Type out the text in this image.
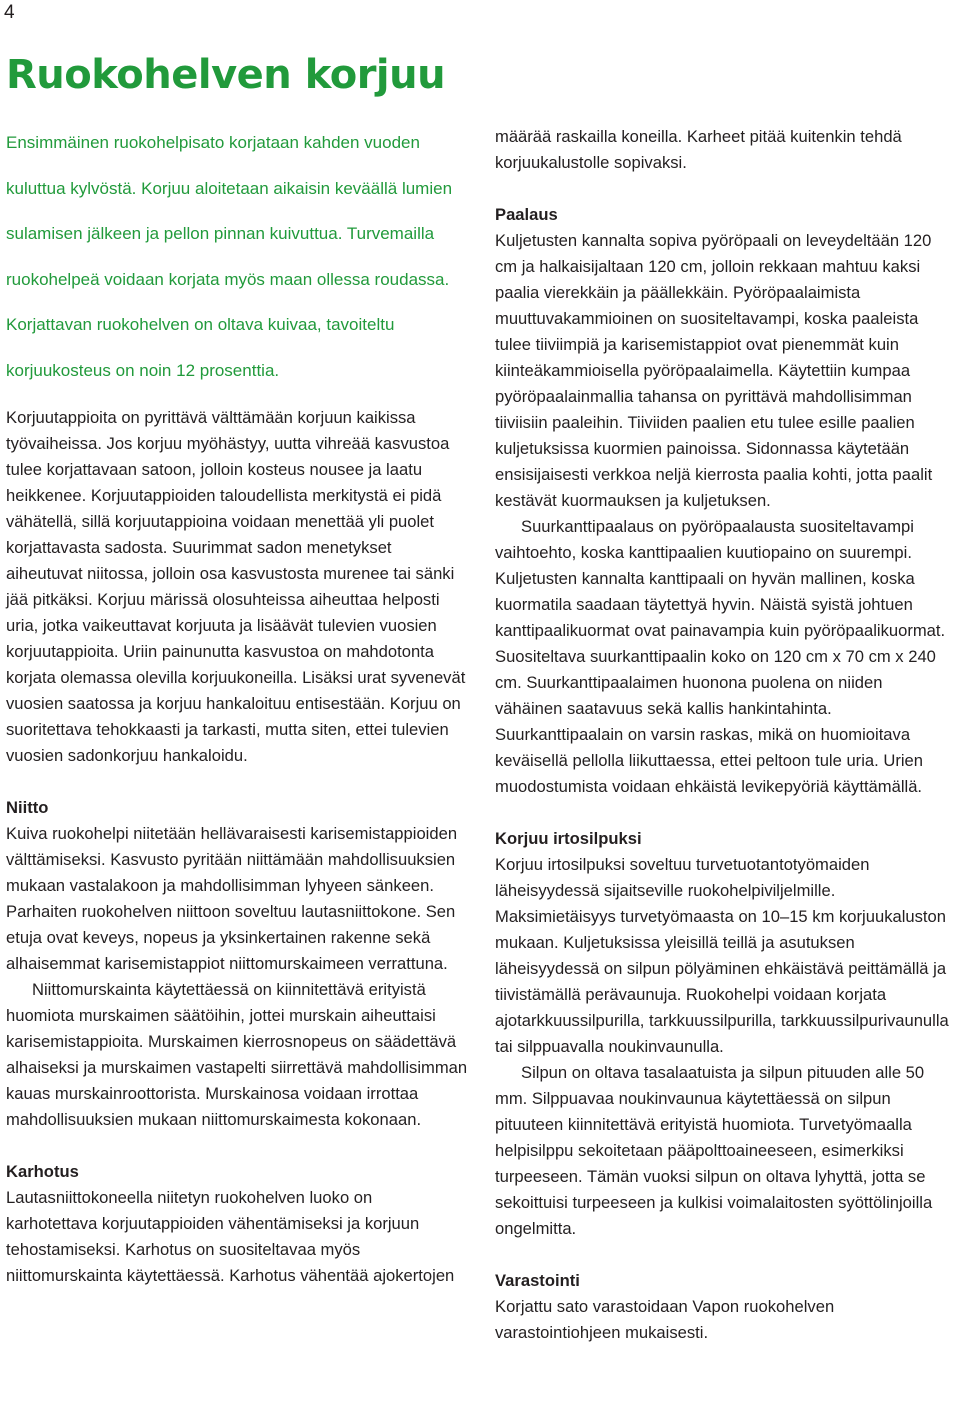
4
Ruokohelven korjuu

Ensimmäinen ruokohelpisato korjataan kahden vuoden kuluttua kylvöstä. Korjuu aloitetaan aikaisin keväällä lumien sulamisen jälkeen ja pellon pinnan kuivuttua. Turvemailla ruokohelpeä voidaan korjata myös maan ollessa roudassa. Korjattavan ruokohelven on oltava kuivaa, tavoiteltu korjuukosteus on noin 12 prosenttia.

Korjuutappioita on pyrittävä välttämään korjuun kaikissa työvaiheissa. Jos korjuu myöhästyy, uutta vihreää kasvustoa tulee korjattavaan satoon, jolloin kosteus nousee ja laatu heikkenee. Korjuutappioiden taloudellista merkitystä ei pidä vähätellä, sillä korjuutappioina voidaan menettää yli puolet korjattavasta sadosta. Suurimmat sadon menetykset aiheutuvat niitossa, jolloin osa kasvustosta murenee tai sänki jää pitkäksi. Korjuu märissä olosuhteissa aiheuttaa helposti uria, jotka vaikeuttavat korjuuta ja lisäävät tulevien vuosien korjuutappioita. Uriin painunutta kasvustoa on mahdotonta korjata olemassa olevilla korjuukoneilla. Lisäksi urat syvenevät vuosien saatossa ja korjuu hankaloituu entisestään. Korjuu on suoritettava tehokkaasti ja tarkasti, mutta siten, ettei tulevien vuosien sadonkorjuu hankaloidu.

Niitto

Kuiva ruokohelpi niitetään hellävaraisesti karisemistappioiden välttämiseksi. Kasvusto pyritään niittämään mahdollisuuksien mukaan vastalakoon ja mahdollisimman lyhyeen sänkeen. Parhaiten ruokohelven niittoon soveltuu lautasniittokone. Sen etuja ovat keveys, nopeus ja yksinkertainen rakenne sekä alhaisemmat karisemistappiot niittomurskaimeen verrattuna.

Niittomurskainta käytettäessä on kiinnitettävä erityistä huomiota murskaimen säätöihin, jottei murskain aiheuttaisi karisemistappioita. Murskaimen kierrosnopeus on säädettävä alhaiseksi ja murskaimen vastapelti siirrettävä mahdollisimman kauas murskainroottorista. Murskainosa voidaan irrottaa mahdollisuuksien mukaan niittomurskaimesta kokonaan.

Karhotus

Lautasniittokoneella niitetyn ruokohelven luoko on karhotettava korjuutappioiden vähentämiseksi ja korjuun tehostamiseksi. Karhotus on suositeltavaa myös niittomurskainta käytettäessä. Karhotus vähentää ajokertojen

määrää raskailla koneilla. Karheet pitää kuitenkin tehdä korjuukalustolle sopivaksi.

Paalaus

Kuljetusten kannalta sopiva pyöröpaali on leveydeltään 120 cm ja halkaisijaltaan 120 cm, jolloin rekkaan mahtuu kaksi paalia vierekkäin ja päällekkäin. Pyöröpaalaimista muuttuvakammioinen on suositeltavampi, koska paaleista tulee tiiviimpiä ja karisemistappiot ovat pienemmät kuin kiinteäkammioisella pyöröpaalaimella. Käytettiin kumpaa pyöröpaalainmallia tahansa on pyrittävä mahdollisimman tiiviisiin paaleihin. Tiiviiden paalien etu tulee esille paalien kuljetuksissa kuormien painoissa. Sidonnassa käytetään ensisijaisesti verkkoa neljä kierrosta paalia kohti, jotta paalit kestävät kuormauksen ja kuljetuksen.

Suurkanttipaalaus on pyöröpaalausta suositeltavampi vaihtoehto, koska kanttipaalien kuutiopaino on suurempi. Kuljetusten kannalta kanttipaali on hyvän mallinen, koska kuormatila saadaan täytettyä hyvin. Näistä syistä johtuen kanttipaalikuormat ovat painavampia kuin pyöröpaalikuormat. Suositeltava suurkanttipaalin koko on 120 cm x 70 cm x 240 cm. Suurkanttipaalaimen huonona puolena on niiden vähäinen saatavuus sekä kallis hankintahinta. Suurkanttipaalain on varsin raskas, mikä on huomioitava keväisellä pellolla liikuttaessa, ettei peltoon tule uria. Urien muodostumista voidaan ehkäistä levikepyöriä käyttämällä.

Korjuu irtosilpuksi

Korjuu irtosilpuksi soveltuu turvetuotantotyömaiden läheisyydessä sijaitseville ruokohelpiviljelmille. Maksimietäisyys turvetyömaasta on 10–15 km korjuukaluston mukaan. Kuljetuksissa yleisillä teillä ja asutuksen läheisyydessä on silpun pölyäminen ehkäistävä peittämällä ja tiivistämällä perävaunuja. Ruokohelpi voidaan korjata ajotarkkuussilpurilla, tarkkuussilpurilla, tarkkuussilpurivaunulla tai silppuavalla noukinvaunulla.

Silpun on oltava tasalaatuista ja silpun pituuden alle 50 mm. Silppuavaa noukinvaunua käytettäessä on silpun pituuteen kiinnitettävä erityistä huomiota. Turvetyömaalla helpisilppu sekoitetaan pääpolttoaineeseen, esimerkiksi turpeeseen. Tämän vuoksi silpun on oltava lyhyttä, jotta se sekoittuisi turpeeseen ja kulkisi voimalaitosten syöttölinjoilla ongelmitta.

Varastointi

Korjattu sato varastoidaan Vapon ruokohelven varastointiohjeen mukaisesti.
